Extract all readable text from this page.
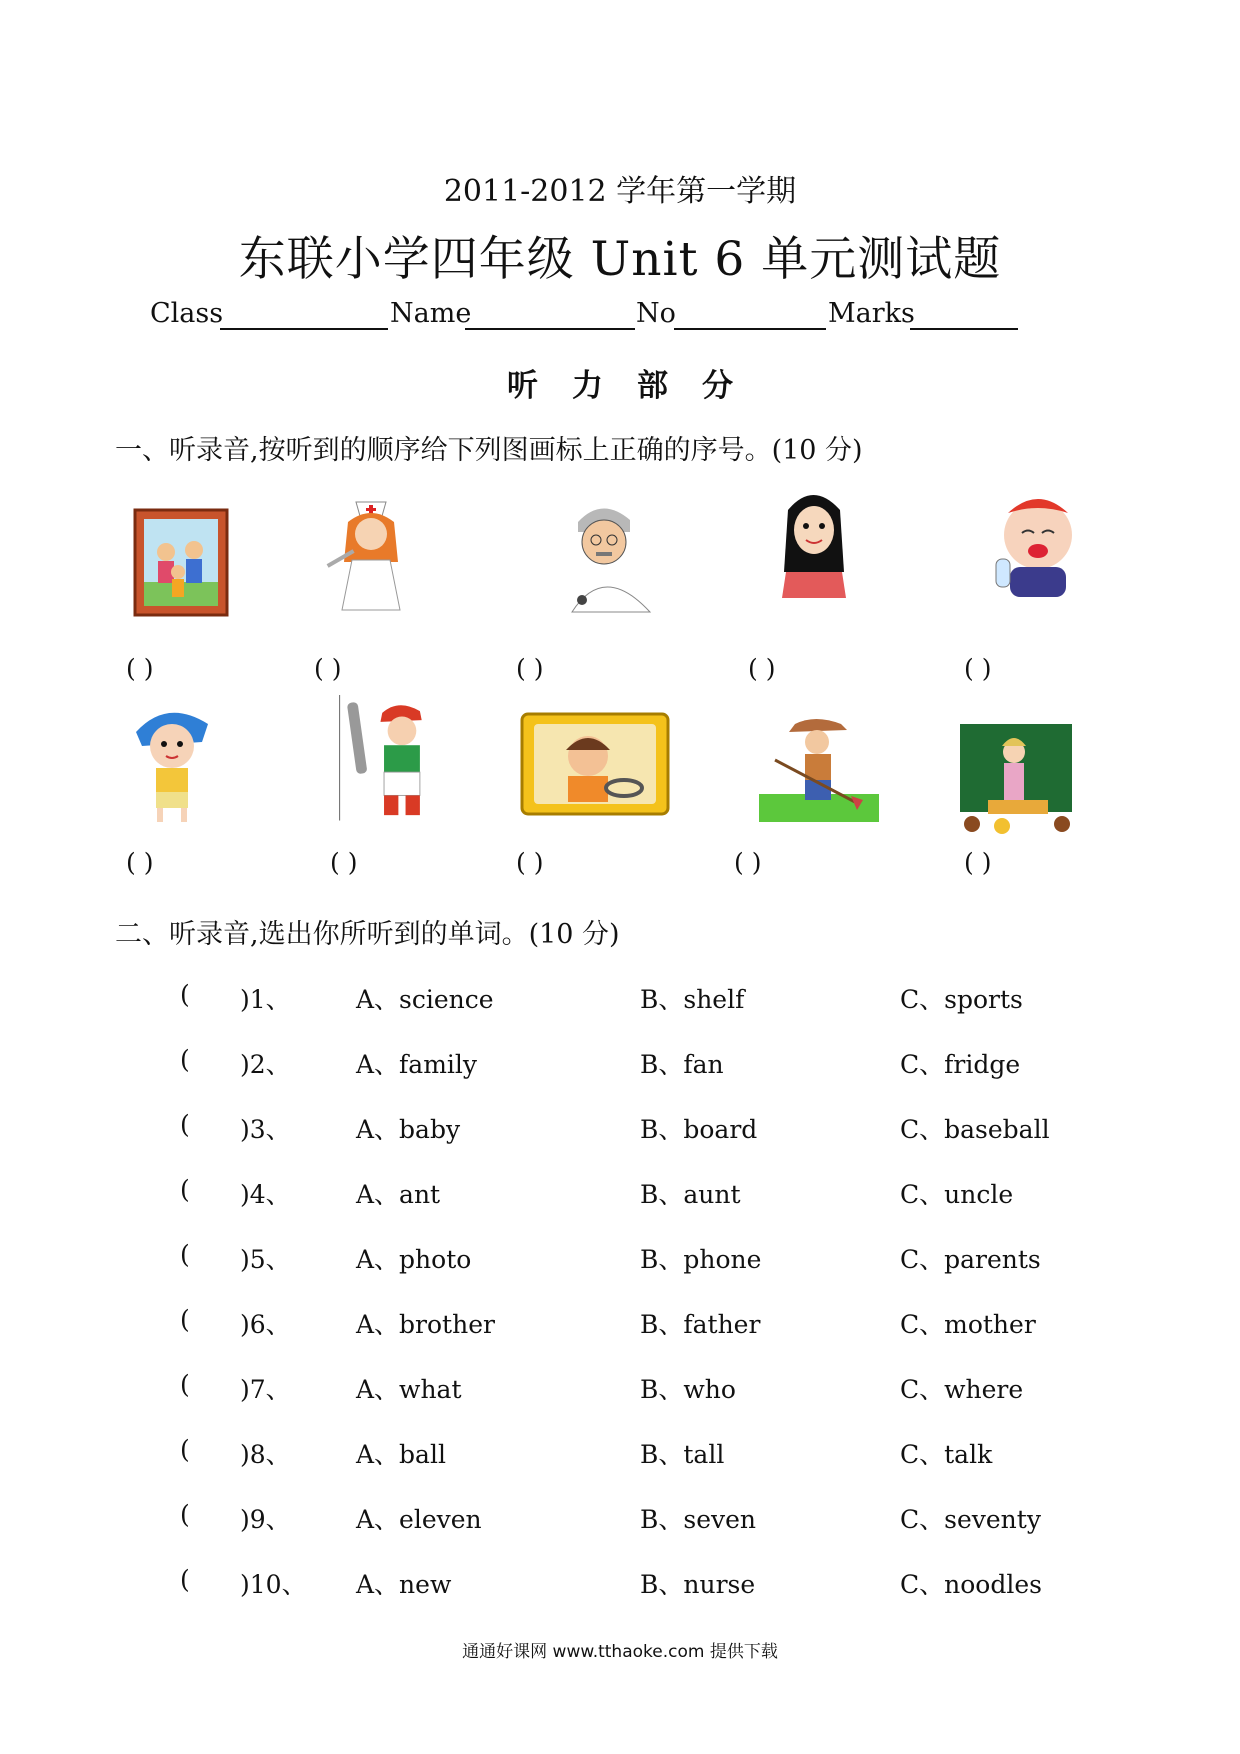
2011-2012 学年第一学期
东联小学四年级 Unit 6 单元测试题
Class	Name	No	Marks
听力部分
一、听录音,按听到的顺序给下列图画标上正确的序号。(10 分)
( )	( )	( )	( )	( )
( )	( )	( )	( )	( )
二、听录音,选出你所听到的单词。(10 分)
( )1、	A、science	B、shelf	C、sports
( )2、	A、family	B、fan	C、fridge
( )3、	A、baby	B、board	C、baseball
( )4、	A、ant	B、aunt	C、uncle
( )5、	A、photo	B、phone	C、parents
( )6、	A、brother	B、father	C、mother
( )7、	A、what	B、who	C、where
( )8、	A、ball	B、tall	C、talk
( )9、	A、eleven	B、seven	C、seventy
( )10、 A、new	B、nurse	C、noodles
通通好课网 www.tthaoke.com 提供下载
